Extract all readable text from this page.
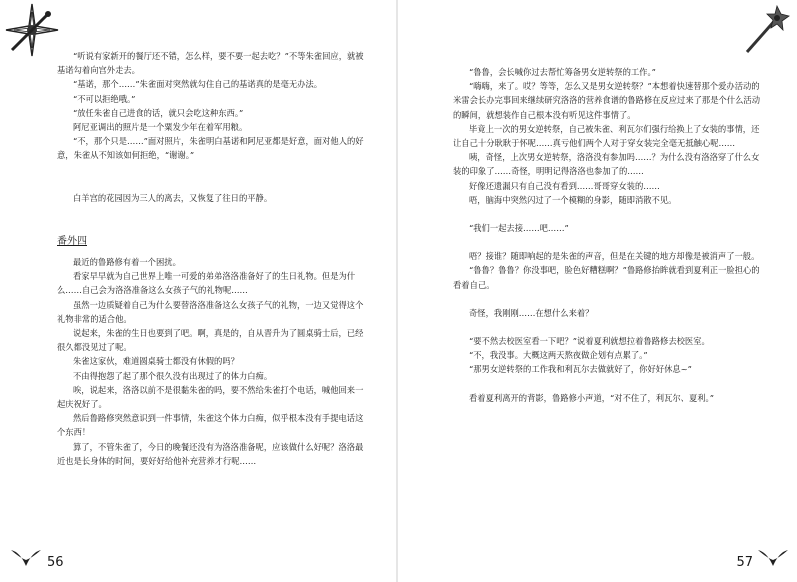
“听说有家新开的餐厅还不错，怎么样，要不要一起去吃？”不等朱雀回应，就被基诺勾着向宫外走去。

“基诺，那个……”朱雀面对突然就勾住自己的基诺真的是毫无办法。

“不可以拒绝哦。”

“放任朱雀自己进食的话，就只会吃这种东西。”

阿尼亚调出的照片是一个粟发少年在着军用粮。

“不，那个只是……”面对照片，朱雀明白基诺和阿尼亚都是好意，面对他人的好意，朱雀从不知该如何拒绝，“谢谢。”

白羊宫的花园因为三人的离去，又恢复了往日的平静。

番外四

最近的鲁路修有着一个困扰。

看家早早就为自己世界上唯一可爱的弟弟洛洛准备好了的生日礼物。但是为什么……自己会为洛洛准备这么女孩子气的礼物呢……

虽然一边质疑着自己为什么要替洛洛准备这么女孩子气的礼物，一边又觉得这个礼物非常的适合他。

说起来，朱雀的生日也要到了吧。啊，真是的，自从晋升为了圆桌骑士后，已经很久都没见过了呢。

朱雀这家伙，难道圆桌骑士都没有休假的吗？

不由得抱怨了起了那个很久没有出现过了的体力白痴。

唉，说起来，洛洛以前不是很黏朱雀的吗，要不然给朱雀打个电话，喊他回来一起庆祝好了。

然后鲁路修突然意识到一件事情，朱雀这个体力白痴，似乎根本没有手提电话这个东西！

算了，不管朱雀了，今日的晚餐还没有为洛洛准备呢，应该做什么好呢？洛洛最近也是长身体的时间，要好好给他补充营养才行呢……

56

“鲁鲁，会长喊你过去帮忙筹备男女逆转祭的工作。”

“嗨嗨，来了。哎？等等，怎么又是男女逆转祭？”本想着快速替那个爱办活动的米雷会长办完事回来继续研究洛洛的营养食谱的鲁路修在反应过来了那是个什么活动的瞬间，就想装作自己根本没有听见这件事情了。

毕竟上一次的男女逆转祭，自己被朱雀、利瓦尔们强行给换上了女装的事情，还让自己十分耿耿于怀呢……真亏他们两个人对于穿女装完全毫无抵触心呢……

咦，奇怪，上次男女逆转祭，洛洛没有参加吗……？为什么没有洛洛穿了什么女装的印象了……奇怪，明明记得洛洛也参加了的……

好像还遗漏只有自己没有看到……哥哥穿女装的……

唔，脑海中突然闪过了一个模糊的身影，随即消散不见。

“我们一起去接……吧……”

唔？接谁？随即响起的是朱雀的声音，但是在关键的地方却像是被消声了一般。

“鲁鲁？鲁鲁？你没事吧，脸色好糟糕啊？”鲁路修抬眸就看到夏利正一脸担心的看着自己。

奇怪，我刚刚……在想什么来着？

“要不然去校医室看一下吧？”说着夏利就想拉着鲁路修去校医室。

“不，我没事。大概这两天熬夜做企划有点累了。”

“那男女逆转祭的工作我和利瓦尔去做就好了，你好好休息~”

看着夏利离开的背影，鲁路修小声道，“对不住了，利瓦尔、夏利。”

57
